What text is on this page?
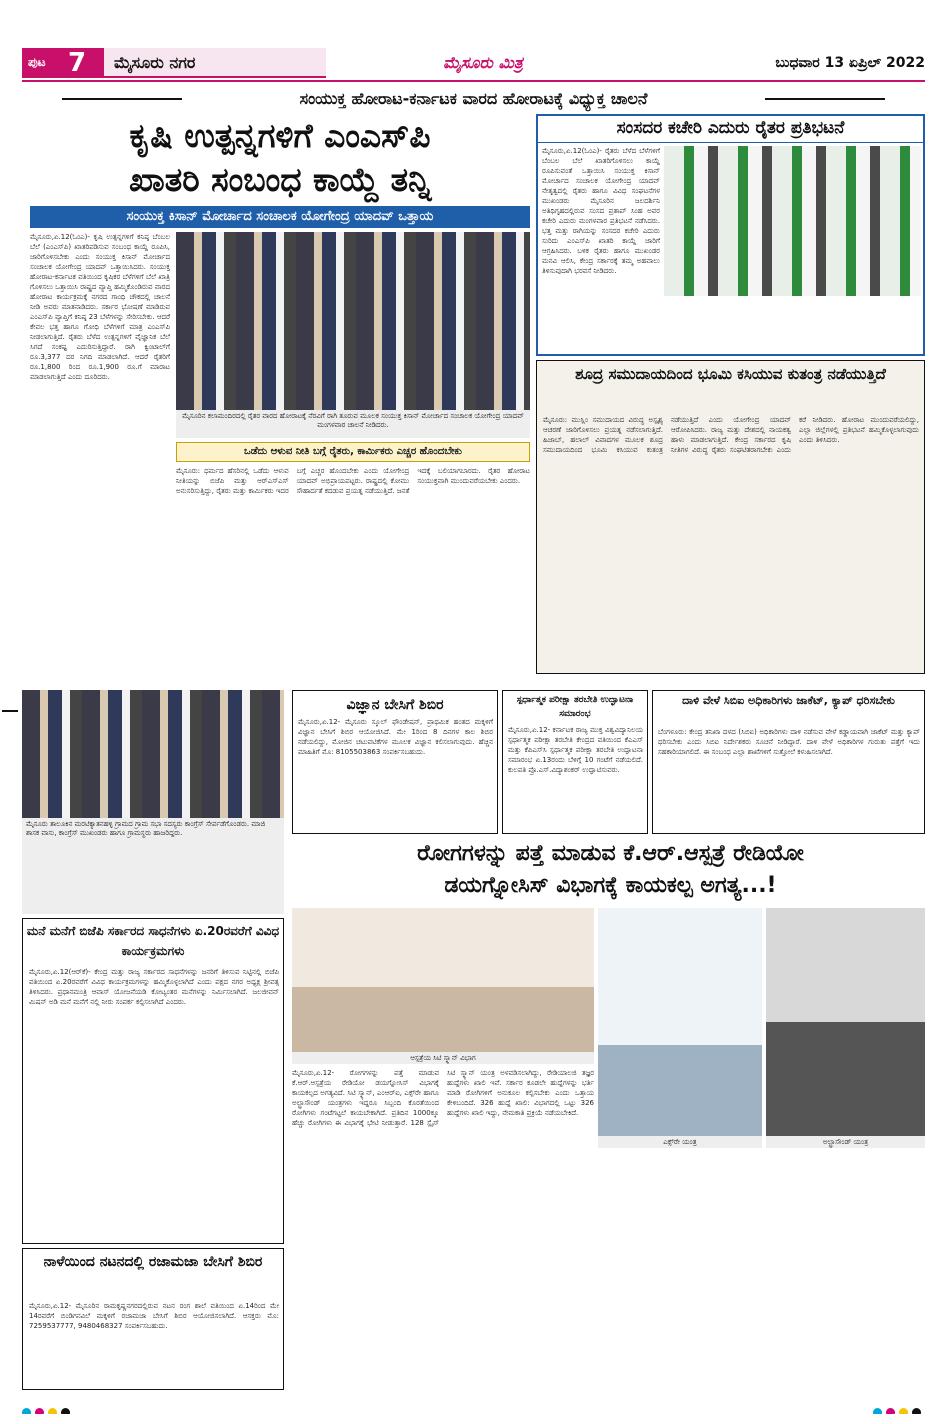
ಪುಟ 7	ಮೈಸೂರು ನಗರ	ಮೈಸೂರು ಮಿತ್ರ	ಬುಧವಾರ 13 ಏಪ್ರಿಲ್ 2022
ಸಂಯುಕ್ತ ಹೋರಾಟ-ಕರ್ನಾಟಕ ವಾರದ ಹೋರಾಟಕ್ಕೆ ವಿಧ್ಯುಕ್ತ ಚಾಲನೆ
ಕೃಷಿ ಉತ್ಪನ್ನಗಳಿಗೆ ಎಂಎಸ್‌ಪಿ
ಖಾತರಿ ಸಂಬಂಧ ಕಾಯ್ದೆ ತನ್ನಿ
ಸಂಯುಕ್ತ ಕಿಸಾನ್ ಮೋರ್ಚಾದ ಸಂಚಾಲಕ ಯೋಗೇಂದ್ರ ಯಾದವ್ ಒತ್ತಾಯ
ಮೈಸೂರು,ಏ.12(ಓಂಎ)- ಕೃಷಿ ಉತ್ಪನ್ನಗಳಿಗೆ ಕನಿಷ್ಠ ಬೆಂಬಲ ಬೆಲೆ (ಎಂಎಸ್‌ಪಿ) ಖಾತರಿಪಡಿಸುವ ಸಂಬಂಧ ಕಾಯ್ದೆ ರೂಪಿಸಿ, ಜಾರಿಗೊಳಿಸಬೇಕು ಎಂದು ಸಂಯುಕ್ತ ಕಿಸಾನ್ ಮೋರ್ಚಾದ ಸಂಚಾಲಕ ಯೋಗೇಂದ್ರ ಯಾದವ್ ಒತ್ತಾಯಿಸಿದರು. ಸಂಯುಕ್ತ ಹೋರಾಟ-ಕರ್ನಾಟಕ ವತಿಯಿಂದ ಕೃಷಿಕರ ಬೆಳೆಗಳಿಗೆ ಬೆಲೆ ಖಾತ್ರಿ ಗೊಳಿಸಲು ಒತ್ತಾಯಿಸಿ ರಾಷ್ಟ್ರದ ವ್ಯಾಪ್ತಿ ಹಮ್ಮಿಕೊಂಡಿರುವ ವಾರದ ಹೋರಾಟ ಕಾರ್ಯಕ್ರಮಕ್ಕೆ ನಗರದ ಗಾಂಧಿ ಚೌಕದಲ್ಲಿ ಚಾಲನೆ ನೀಡಿ ಅವರು ಮಾತನಾಡಿದರು. ಸರ್ಕಾರ ಭೋಷಣೆ ಮಾಡಿರುವ ಎಂಎಸ್‌ಪಿ ವ್ಯಾಪ್ತಿಗೆ ಕನಿಷ್ಠ 23 ಬೆಳೆಗಳನ್ನು ಸೇರಿಸಬೇಕು. ಆದರೆ ಕೇವಲ ಭತ್ತ ಹಾಗೂ ಗೋಧಿ ಬೆಳೆಗಳಿಗೆ ಮಾತ್ರ ಎಂಎಸ್‌ಪಿ ನೀಡಲಾಗುತ್ತಿದೆ. ರೈತರು ಬೆಳೆದ ಉತ್ಪನ್ನಗಳಿಗೆ ವೈಜ್ಞಾನಿಕ ಬೆಲೆ ಸಿಗದೆ ಸಂಕಷ್ಟ ಎದುರಿಸುತ್ತಿದ್ದಾರೆ. ರಾಗಿ ಕ್ವಿಂಟಾಲ್‌ಗೆ ರೂ.3,377 ದರ ನಿಗದಿ ಮಾಡಲಾಗಿದೆ. ಆದರೆ ರೈತರಿಗೆ ರೂ.1,800 ರಿಂದ ರೂ.1,900 ರೂ.ಗೆ ಮಾರಾಟ ಮಾಡಲಾಗುತ್ತಿದೆ ಎಂದು ದೂರಿದರು.
ಮೈಸೂರಿನ ಕಲಾಮಂದಿರದಲ್ಲಿ ರೈತರ ವಾರದ ಹೋರಾಟಕ್ಕೆ ನೆರವಿಗೆ ರಾಗಿ ತೂರುವ ಮೂಲಕ ಸಂಯುಕ್ತ ಕಿಸಾನ್ ಮೋರ್ಚಾದ ಸಂಚಾಲಕ ಯೋಗೇಂದ್ರ ಯಾದವ್ ಮಂಗಳವಾರ ಚಾಲನೆ ನೀಡಿದರು.
ಒಡೆದು ಆಳುವ ನೀತಿ ಬಗ್ಗೆ ರೈತರು, ಕಾರ್ಮಿಕರು ಎಚ್ಚರ ಹೊಂದಬೇಕು
ಮೈಸೂರು: ಧರ್ಮದ ಹೆಸರಿನಲ್ಲಿ ಒಡೆದು ಆಳುವ ನೀತಿಯನ್ನು ಬಿಜೆಪಿ ಮತ್ತು ಆರ್‌ಎಸ್‌ಎಸ್ ಅನುಸರಿಸುತ್ತಿದ್ದು, ರೈತರು ಮತ್ತು ಕಾರ್ಮಿಕರು ಇದರ ಬಗ್ಗೆ ಎಚ್ಚರ ಹೊಂದಬೇಕು ಎಂದು ಯೋಗೇಂದ್ರ ಯಾದವ್ ಅಭಿಪ್ರಾಯಪಟ್ಟರು. ರಾಷ್ಟ್ರದಲ್ಲಿ ಕೋಮು ಸೌಹಾರ್ದತೆ ಕದಡುವ ಪ್ರಯತ್ನ ನಡೆಯುತ್ತಿದೆ. ಜನತೆ ಇದಕ್ಕೆ ಬಲಿಯಾಗಬಾರದು. ರೈತರ ಹೋರಾಟ ಸಂಯುಕ್ತವಾಗಿ ಮುಂದುವರೆಯಬೇಕು ಎಂದರು.
ಸಂಸದರ ಕಚೇರಿ ಎದುರು ರೈತರ ಪ್ರತಿಭಟನೆ
ಮೈಸೂರು,ಏ.12(ಓಂಎ)- ರೈತರು ಬೆಳೆದ ಬೆಳೆಗಳಿಗೆ ಬೆಂಬಲ ಬೆಲೆ ಖಾತರಿಗೊಳಿಸಲು ಕಾಯ್ದೆ ರೂಪಿಸುವಂತೆ ಒತ್ತಾಯಿಸಿ ಸಂಯುಕ್ತ ಕಿಸಾನ್ ಮೋರ್ಚಾದ ಸಂಚಾಲಕ ಯೋಗೇಂದ್ರ ಯಾದವ್ ನೇತೃತ್ವದಲ್ಲಿ ರೈತರು ಹಾಗೂ ವಿವಿಧ ಸಂಘಟನೆಗಳ ಮುಖಂಡರು ಮೈಸೂರಿನ ಜಲದರ್ಶಿನಿ ಅತಿಥಿಗೃಹದಲ್ಲಿರುವ ಸಂಸದ ಪ್ರತಾಪ್ ಸಿಂಹ ಅವರ ಕಚೇರಿ ಎದುರು ಮಂಗಳವಾರ ಪ್ರತಿಭಟನೆ ನಡೆಸಿದರು. ಭತ್ತ ಮತ್ತು ರಾಗಿಯನ್ನು ಸಂಸದರ ಕಚೇರಿ ಎದುರು ಸುರಿದು ಎಂಎಸ್‌ಪಿ ಖಾತರಿ ಕಾಯ್ದೆ ಜಾರಿಗೆ ಆಗ್ರಹಿಸಿದರು. ಬಳಿಕ ರೈತರು ಹಾಗೂ ಮುಖಂಡರ ಮನವಿ ಆಲಿಸಿ, ಕೇಂದ್ರ ಸರ್ಕಾರಕ್ಕೆ ತಮ್ಮ ಅಹವಾಲು ತಿಳಿಸುವುದಾಗಿ ಭರವಸೆ ನೀಡಿದರು.
ಶೂದ್ರ ಸಮುದಾಯದಿಂದ ಭೂಮಿ ಕಸಿಯುವ ಕುತಂತ್ರ ನಡೆಯುತ್ತಿದೆ
ಮೈಸೂರು: ಮುಸ್ಲಿಂ ಸಮುದಾಯದ ವಿರುದ್ಧ ಅಸ್ಪೃಶ್ಯ ಆಚರಣೆ ಜಾರಿಗೊಳಿಸಲು ಪ್ರಯತ್ನ ನಡೆಸಲಾಗುತ್ತಿದೆ. ಹಿಜಾಬ್, ಹಲಾಲ್ ವಿವಾದಗಳ ಮೂಲಕ ಶೂದ್ರ ಸಮುದಾಯದಿಂದ ಭೂಮಿ ಕಸಿಯುವ ಕುತಂತ್ರ ನಡೆಯುತ್ತಿದೆ ಎಂದು ಯೋಗೇಂದ್ರ ಯಾದವ್ ಆರೋಪಿಸಿದರು. ರಾಜ್ಯ ಮತ್ತು ದೇಶದಲ್ಲಿ ನಾಯಕತ್ವ ಹಾಳು ಮಾಡಲಾಗುತ್ತಿದೆ. ಕೇಂದ್ರ ಸರ್ಕಾರದ ಕೃಷಿ ನೀತಿಗಳ ವಿರುದ್ಧ ರೈತರು ಸಂಘಟಿತರಾಗಬೇಕು ಎಂದು ಕರೆ ನೀಡಿದರು. ಹೋರಾಟ ಮುಂದುವರೆಯಲಿದ್ದು, ಎಲ್ಲಾ ಜಿಲ್ಲೆಗಳಲ್ಲಿ ಪ್ರತಿಭಟನೆ ಹಮ್ಮಿಕೊಳ್ಳಲಾಗುವುದು ಎಂದು ತಿಳಿಸಿದರು.
ಮೈಸೂರು ತಾಲೂಕಿನ ಮರಟಿಕ್ಯಾತನಹಳ್ಳಿ ಗ್ರಾಮದ ಗ್ರಾಮ ಸಭಾ ಸದಸ್ಯರು ಕಾಂಗ್ರೆಸ್ ಸೇರ್ಪಡೆಗೊಂಡರು. ಮಾಜಿ ಶಾಸಕ ವಾಸು, ಕಾಂಗ್ರೆಸ್ ಮುಖಂಡರು ಹಾಗೂ ಗ್ರಾಮಸ್ಥರು ಹಾಜರಿದ್ದರು.
ಮನೆ ಮನೆಗೆ ಬಿಜೆಪಿ ಸರ್ಕಾರದ ಸಾಧನೆಗಳು ಏ.20ರವರೆಗೆ ವಿವಿಧ ಕಾರ್ಯಕ್ರಮಗಳು
ಮೈಸೂರು,ಏ.12(ಆರ್‌ಕೆ)- ಕೇಂದ್ರ ಮತ್ತು ರಾಜ್ಯ ಸರ್ಕಾರದ ಸಾಧನೆಗಳನ್ನು ಜನರಿಗೆ ತಿಳಿಸುವ ನಿಟ್ಟಿನಲ್ಲಿ ಬಿಜೆಪಿ ವತಿಯಿಂದ ಏ.20ರವರೆಗೆ ವಿವಿಧ ಕಾರ್ಯಕ್ರಮಗಳನ್ನು ಹಮ್ಮಿಕೊಳ್ಳಲಾಗಿದೆ ಎಂದು ಪಕ್ಷದ ನಗರ ಅಧ್ಯಕ್ಷ ಶ್ರೀವತ್ಸ ತಿಳಿಸಿದರು. ಪ್ರಧಾನಮಂತ್ರಿ ಆವಾಸ್ ಯೋಜನೆಯಡಿ ಕೋಟ್ಯಂತರ ಮನೆಗಳನ್ನು ನಿರ್ಮಿಸಲಾಗಿದೆ. ಜಲಜೀವನ್ ಮಿಷನ್ ಅಡಿ ಮನೆ ಮನೆಗೆ ನಲ್ಲಿ ನೀರು ಸಂಪರ್ಕ ಕಲ್ಪಿಸಲಾಗಿದೆ ಎಂದರು.
ನಾಳೆಯಿಂದ ನಟನದಲ್ಲಿ ರಜಾಮಜಾ ಬೇಸಿಗೆ ಶಿಬಿರ
ಮೈಸೂರು,ಏ.12- ಮೈಸೂರಿನ ರಾಮಕೃಷ್ಣನಗರದಲ್ಲಿರುವ ನಟನ ರಂಗ ಶಾಲೆ ವತಿಯಿಂದ ಏ.14ರಿಂದ ಮೇ 14ರವರೆಗೆ ಬಿಂಡಿಗನವಿಲೆ ಮಕ್ಕಳಿಗೆ ರಜಾಮಜಾ ಬೇಸಿಗೆ ಶಿಬಿರ ಆಯೋಜಿಸಲಾಗಿದೆ. ಆಸಕ್ತರು ಮೊ: 7259537777, 9480468327 ಸಂಪರ್ಕಿಸಬಹುದು.
ವಿಜ್ಞಾನ ಬೇಸಿಗೆ ಶಿಬಿರ
ಮೈಸೂರು,ಏ.12- ಮೈಸೂರು ಸ್ಕೂಲ್ ಫೌಂಡೇಷನ್, ಪ್ರಾಥಮಿಕ ಹಂತದ ಮಕ್ಕಳಿಗೆ ವಿಜ್ಞಾನ ಬೇಸಿಗೆ ಶಿಬಿರ ಆಯೋಜಿಸಿದೆ. ಮೇ 1ರಿಂದ 8 ದಿನಗಳ ಕಾಲ ಶಿಬಿರ ನಡೆಯಲಿದ್ದು, ಮೋಜಿನ ಚಟುವಟಿಕೆಗಳ ಮೂಲಕ ವಿಜ್ಞಾನ ಕಲಿಸಲಾಗುವುದು. ಹೆಚ್ಚಿನ ಮಾಹಿತಿಗೆ ಮೊ: 8105503863 ಸಂಪರ್ಕಿಸಬಹುದು.
ಸ್ಪರ್ಧಾತ್ಮಕ ಪರೀಕ್ಷಾ ತರಬೇತಿ ಉದ್ಘಾಟನಾ ಸಮಾರಂಭ
ಮೈಸೂರು,ಏ.12- ಕರ್ನಾಟಕ ರಾಜ್ಯ ಮುಕ್ತ ವಿಶ್ವವಿದ್ಯಾನಿಲಯ ಸ್ಪರ್ಧಾತ್ಮಕ ಪರೀಕ್ಷಾ ತರಬೇತಿ ಕೇಂದ್ರದ ವತಿಯಿಂದ ಕೆಎಎಸ್ ಮತ್ತು ಕೆಪಿಎಸ್‌ಸಿ ಸ್ಪರ್ಧಾತ್ಮಕ ಪರೀಕ್ಷಾ ತರಬೇತಿ ಉದ್ಘಾಟನಾ ಸಮಾರಂಭ ಏ.13ರಂದು ಬೆಳಿಗ್ಗೆ 10 ಗಂಟೆಗೆ ನಡೆಯಲಿದೆ. ಕುಲಪತಿ ಪ್ರೊ.ಎಸ್.ವಿದ್ಯಾಶಂಕರ್ ಉದ್ಘಾಟಿಸುವರು.
ದಾಳಿ ವೇಳೆ ಸಿಬಿಐ ಅಧಿಕಾರಿಗಳು ಜಾಕೆಟ್, ಕ್ಯಾಪ್ ಧರಿಸಬೇಕು
ಬೆಂಗಳೂರು: ಕೇಂದ್ರ ತನಿಖಾ ದಳದ (ಸಿಬಿಐ) ಅಧಿಕಾರಿಗಳು ದಾಳಿ ನಡೆಸುವ ವೇಳೆ ಕಡ್ಡಾಯವಾಗಿ ಜಾಕೆಟ್ ಮತ್ತು ಕ್ಯಾಪ್ ಧರಿಸಬೇಕು ಎಂದು ಸಿಬಿಐ ನಿರ್ದೇಶಕರು ಸೂಚನೆ ನೀಡಿದ್ದಾರೆ. ದಾಳಿ ವೇಳೆ ಅಧಿಕಾರಿಗಳ ಗುರುತು ಪತ್ತೆಗೆ ಇದು ಸಹಕಾರಿಯಾಗಲಿದೆ. ಈ ಸಂಬಂಧ ಎಲ್ಲಾ ಶಾಖೆಗಳಿಗೆ ಸುತ್ತೋಲೆ ಕಳುಹಿಸಲಾಗಿದೆ.
ರೋಗಗಳನ್ನು ಪತ್ತೆ ಮಾಡುವ ಕೆ.ಆರ್.ಆಸ್ಪತ್ರೆ ರೇಡಿಯೋ
ಡಯಗ್ನೋಸಿಸ್ ವಿಭಾಗಕ್ಕೆ ಕಾಯಕಲ್ಪ ಅಗತ್ಯ...!
ಆಸ್ಪತ್ರೆಯ ಸಿಟಿ ಸ್ಕ್ಯಾನ್ ವಿಭಾಗ
ಎಕ್ಸ್‌ರೇ ಯಂತ್ರ	ಅಲ್ಟ್ರಾಸೌಂಡ್ ಯಂತ್ರ
ಮೈಸೂರು,ಏ.12- ರೋಗಗಳನ್ನು ಪತ್ತೆ ಮಾಡುವ ಕೆ.ಆರ್.ಆಸ್ಪತ್ರೆಯ ರೇಡಿಯೋ ಡಯಗ್ನೋಸಿಸ್ ವಿಭಾಗಕ್ಕೆ ಕಾಯಕಲ್ಪದ ಅಗತ್ಯವಿದೆ. ಸಿಟಿ ಸ್ಕ್ಯಾನ್, ಎಂಆರ್‌ಐ, ಎಕ್ಸ್‌ರೇ ಹಾಗೂ ಅಲ್ಟ್ರಾಸೌಂಡ್ ಯಂತ್ರಗಳು ಇದ್ದರೂ ಸಿಬ್ಬಂದಿ ಕೊರತೆಯಿಂದ ರೋಗಿಗಳು ಗಂಟೆಗಟ್ಟಲೆ ಕಾಯಬೇಕಾಗಿದೆ. ಪ್ರತಿದಿನ 1000ಕ್ಕೂ ಹೆಚ್ಚು ರೋಗಿಗಳು ಈ ವಿಭಾಗಕ್ಕೆ ಭೇಟಿ ನೀಡುತ್ತಾರೆ. 128 ಸ್ಲೈಸ್ ಸಿಟಿ ಸ್ಕ್ಯಾನ್ ಯಂತ್ರ ಅಳವಡಿಸಲಾಗಿದ್ದು, ರೇಡಿಯಾಲಜಿ ತಜ್ಞರ ಹುದ್ದೆಗಳು ಖಾಲಿ ಇವೆ. ಸರ್ಕಾರ ಕೂಡಲೇ ಹುದ್ದೆಗಳನ್ನು ಭರ್ತಿ ಮಾಡಿ ರೋಗಿಗಳಿಗೆ ಅನುಕೂಲ ಕಲ್ಪಿಸಬೇಕು ಎಂದು ಒತ್ತಾಯ ಕೇಳಿಬಂದಿದೆ. 326 ಹುದ್ದೆ ಖಾಲಿ: ವಿಭಾಗದಲ್ಲಿ ಒಟ್ಟು 326 ಹುದ್ದೆಗಳು ಖಾಲಿ ಇದ್ದು, ನೇಮಕಾತಿ ಪ್ರಕ್ರಿಯೆ ನಡೆಯಬೇಕಿದೆ.
